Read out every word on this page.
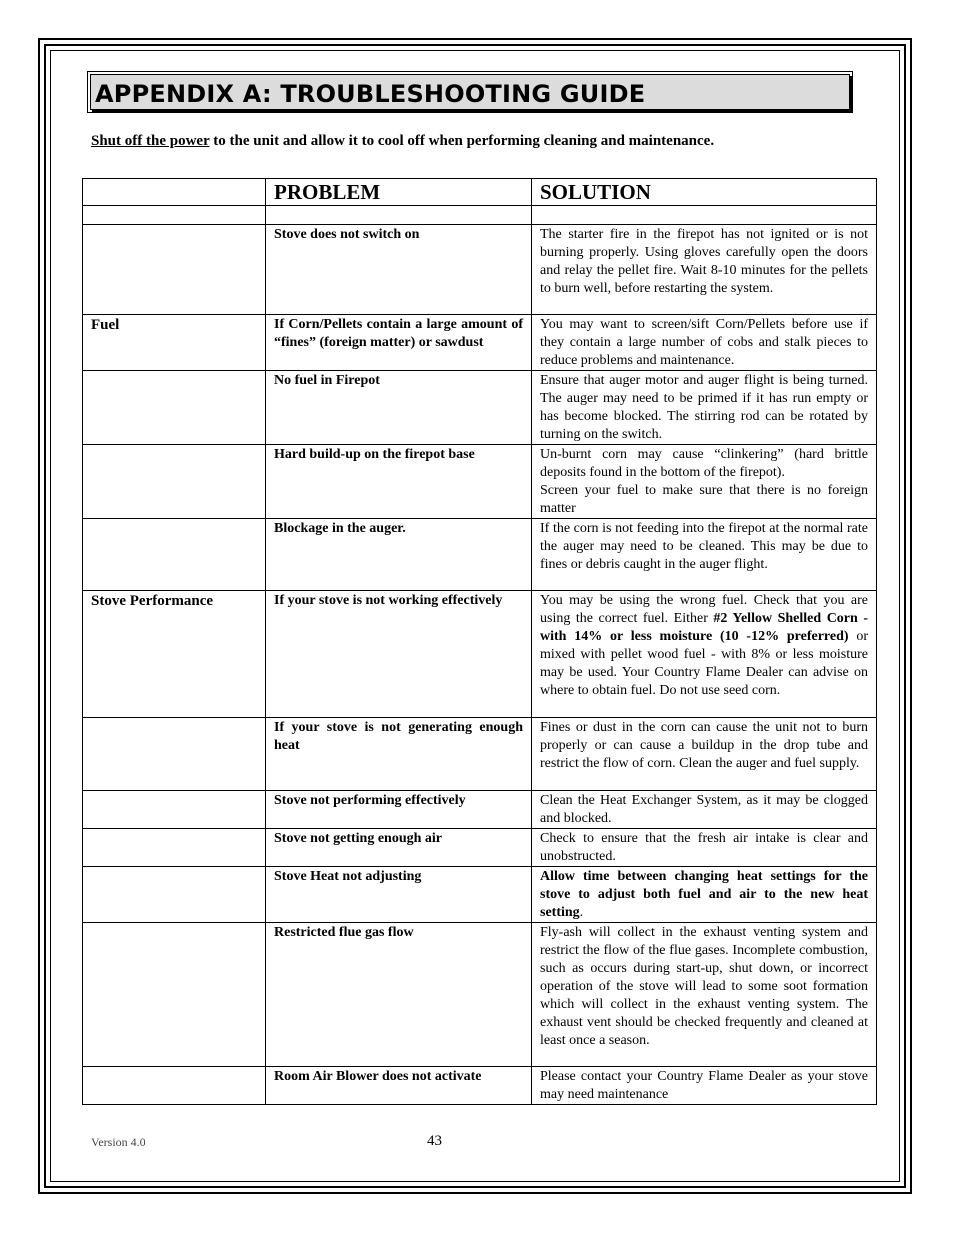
APPENDIX A: TROUBLESHOOTING GUIDE
Shut off the power to the unit and allow it to cool off when performing cleaning and maintenance.
	PROBLEM	SOLUTION

	Stove does not switch on	The starter fire in the firepot has not ignited or is not burning properly. Using gloves carefully open the doors and relay the pellet fire. Wait 8-10 minutes for the pellets to burn well, before restarting the system.
Fuel	If Corn/Pellets contain a large amount of “fines” (foreign matter) or sawdust	You may want to screen/sift Corn/Pellets before use if they contain a large number of cobs and stalk pieces to reduce problems and maintenance.
	No fuel in Firepot	Ensure that auger motor and auger flight is being turned. The auger may need to be primed if it has run empty or has become blocked. The stirring rod can be rotated by turning on the switch.
	Hard build-up on the firepot base	Un-burnt corn may cause “clinkering” (hard brittle deposits found in the bottom of the firepot).
Screen your fuel to make sure that there is no foreign matter

	Blockage in the auger.	If the corn is not feeding into the firepot at the normal rate the auger may need to be cleaned. This may be due to fines or debris caught in the auger flight.
Stove Performance	If your stove is not working effectively	You may be using the wrong fuel. Check that you are using the correct fuel. Either #2 Yellow Shelled Corn - with 14% or less moisture (10 -12% preferred) or mixed with pellet wood fuel - with 8% or less moisture may be used. Your Country Flame Dealer can advise on where to obtain fuel. Do not use seed corn.
	If your stove is not generating enough heat	Fines or dust in the corn can cause the unit not to burn properly or can cause a buildup in the drop tube and restrict the flow of corn. Clean the auger and fuel supply.
	Stove not performing effectively	Clean the Heat Exchanger System, as it may be clogged and blocked.
	Stove not getting enough air	Check to ensure that the fresh air intake is clear and unobstructed.
	Stove Heat not adjusting	Allow time between changing heat settings for the stove to adjust both fuel and air to the new heat setting.
	Restricted flue gas flow	Fly-ash will collect in the exhaust venting system and restrict the flow of the flue gases. Incomplete combustion, such as occurs during start-up, shut down, or incorrect operation of the stove will lead to some soot formation which will collect in the exhaust venting system. The exhaust vent should be checked frequently and cleaned at least once a season.
	Room Air Blower does not activate	Please contact your Country Flame Dealer as your stove may need maintenance
Version 4.0	43
